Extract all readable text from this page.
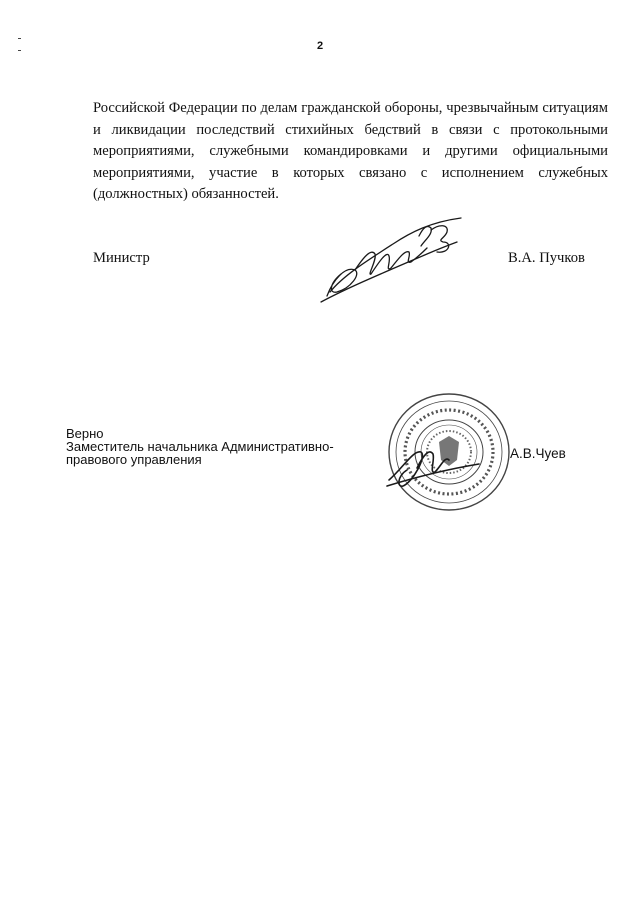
2

Российской Федерации по делам гражданской обороны, чрезвычайным ситуациям и ликвидации последствий стихийных бедствий в связи с протокольными мероприятиями, служебными командировками и другими официальными мероприятиями, участие в которых связано с исполнением служебных (должностных) обязанностей.

Министр	В.А. Пучков
Верно
Заместитель начальника Административно-
правового управления	А.В.Чуев
